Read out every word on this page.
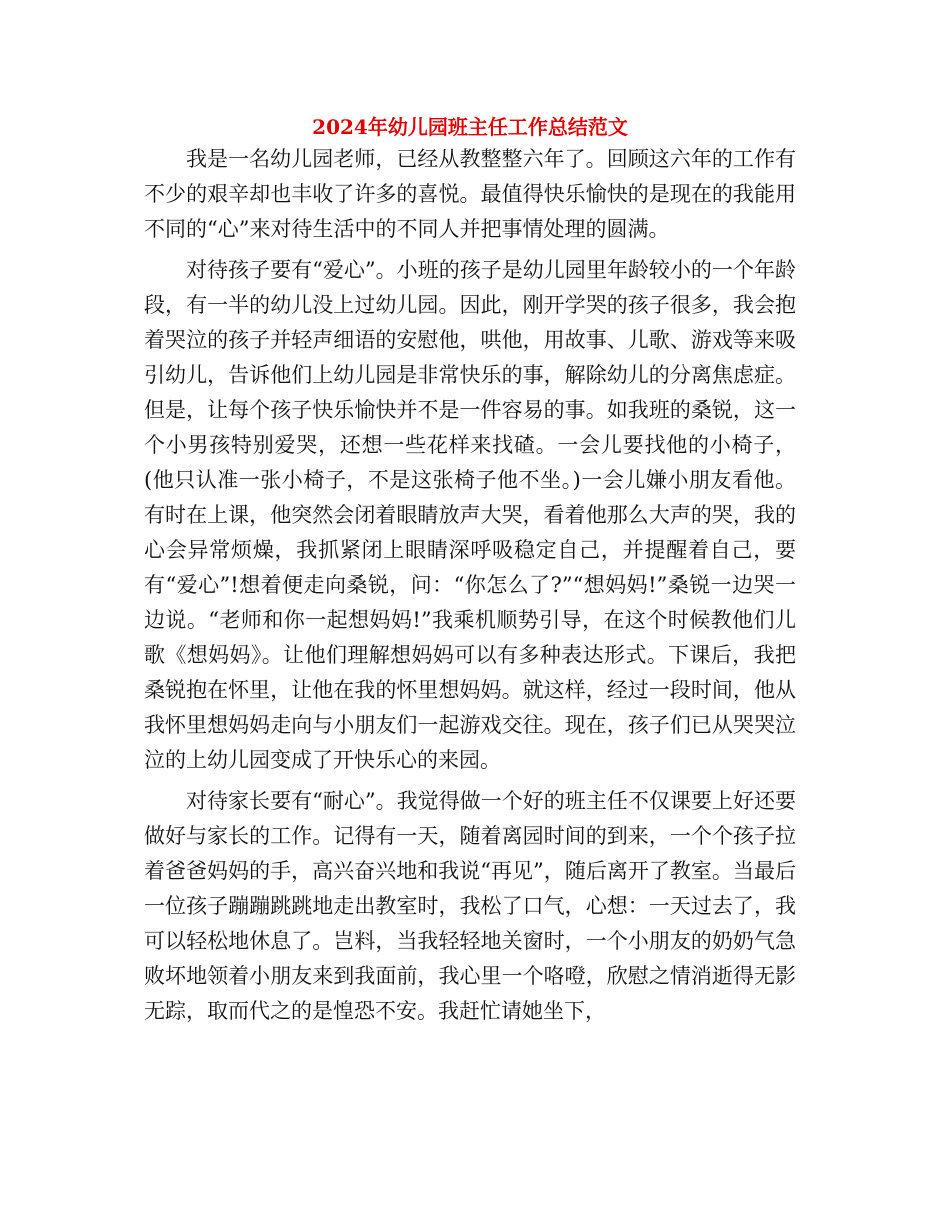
2024年幼儿园班主任工作总结范文

我是一名幼儿园老师，已经从教整整六年了。回顾这六年的工作有不少的艰辛却也丰收了许多的喜悦。最值得快乐愉快的是现在的我能用不同的“心”来对待生活中的不同人并把事情处理的圆满。

对待孩子要有“爱心”。小班的孩子是幼儿园里年龄较小的一个年龄段，有一半的幼儿没上过幼儿园。因此，刚开学哭的孩子很多，我会抱着哭泣的孩子并轻声细语的安慰他，哄他，用故事、儿歌、游戏等来吸引幼儿，告诉他们上幼儿园是非常快乐的事，解除幼儿的分离焦虑症。但是，让每个孩子快乐愉快并不是一件容易的事。如我班的桑锐，这一个小男孩特别爱哭，还想一些花样来找碴。一会儿要找他的小椅子，(他只认准一张小椅子，不是这张椅子他不坐。)一会儿嫌小朋友看他。有时在上课，他突然会闭着眼睛放声大哭，看着他那么大声的哭，我的心会异常烦燥，我抓紧闭上眼睛深呼吸稳定自己，并提醒着自己，要有“爱心”!想着便走向桑锐，问：“你怎么了?”“想妈妈!”桑锐一边哭一边说。“老师和你一起想妈妈!”我乘机顺势引导，在这个时候教他们儿歌《想妈妈》。让他们理解想妈妈可以有多种表达形式。下课后，我把桑锐抱在怀里，让他在我的怀里想妈妈。就这样，经过一段时间，他从我怀里想妈妈走向与小朋友们一起游戏交往。现在，孩子们已从哭哭泣泣的上幼儿园变成了开快乐心的来园。

对待家长要有“耐心”。我觉得做一个好的班主任不仅课要上好还要做好与家长的工作。记得有一天，随着离园时间的到来，一个个孩子拉着爸爸妈妈的手，高兴奋兴地和我说“再见”，随后离开了教室。当最后一位孩子蹦蹦跳跳地走出教室时，我松了口气，心想：一天过去了，我可以轻松地休息了。岂料，当我轻轻地关窗时，一个小朋友的奶奶气急败坏地领着小朋友来到我面前，我心里一个咯噔，欣慰之情消逝得无影无踪，取而代之的是惶恐不安。我赶忙请她坐下，
